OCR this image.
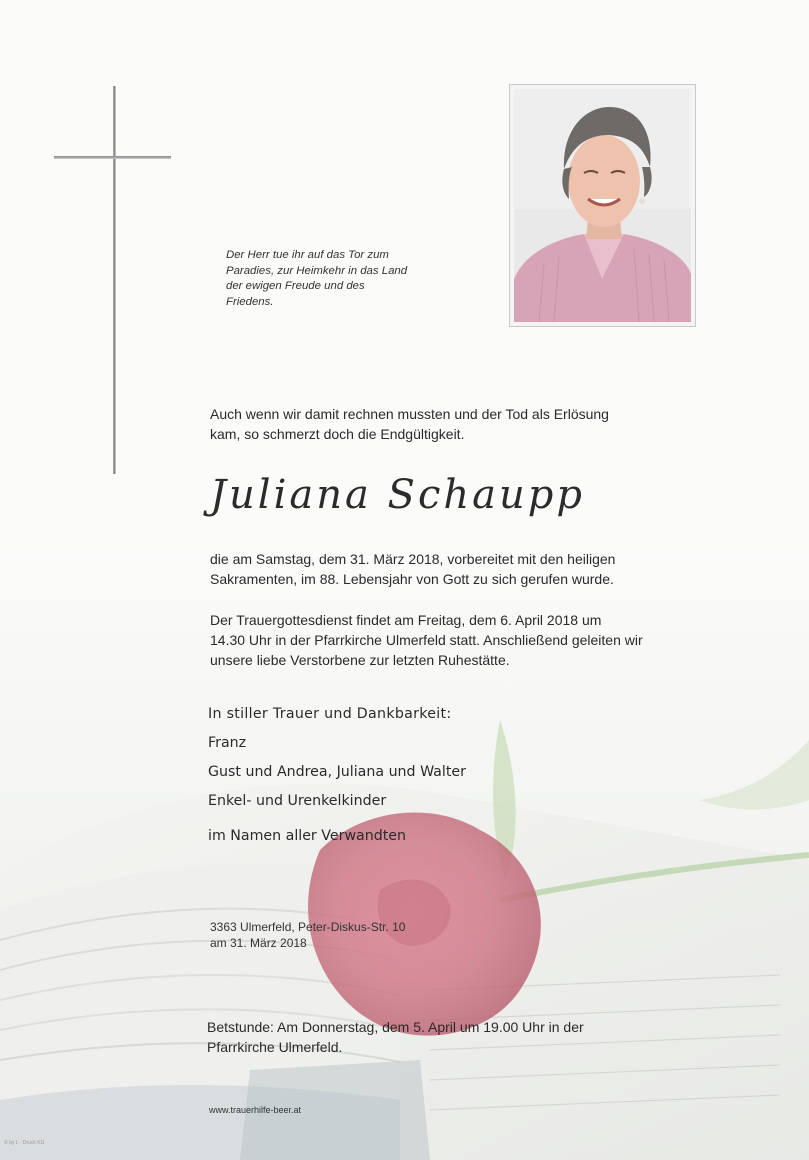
Der Herr tue ihr auf das Tor zum
Paradies, zur Heimkehr in das Land
der ewigen Freude und des
Friedens.
Auch wenn wir damit rechnen mussten und der Tod als Erlösung
kam, so schmerzt doch die Endgültigkeit.
Juliana Schaupp
die am Samstag, dem 31. März 2018, vorbereitet mit den heiligen
Sakramenten, im 88. Lebensjahr von Gott zu sich gerufen wurde.
Der Trauergottesdienst findet am Freitag, dem 6. April 2018 um
14.30 Uhr in der Pfarrkirche Ulmerfeld statt. Anschließend geleiten wir
unsere liebe Verstorbene zur letzten Ruhestätte.
In stiller Trauer und Dankbarkeit:
Franz
Gust und Andrea, Juliana und Walter
Enkel- und Urenkelkinder
im Namen aller Verwandten
3363 Ulmerfeld, Peter-Diskus-Str. 10
am 31. März 2018
Betstunde: Am Donnerstag, dem 5. April um 19.00 Uhr in der
Pfarrkirche Ulmerfeld.
www.trauerhilfe-beer.at
© by L - Druck KG
